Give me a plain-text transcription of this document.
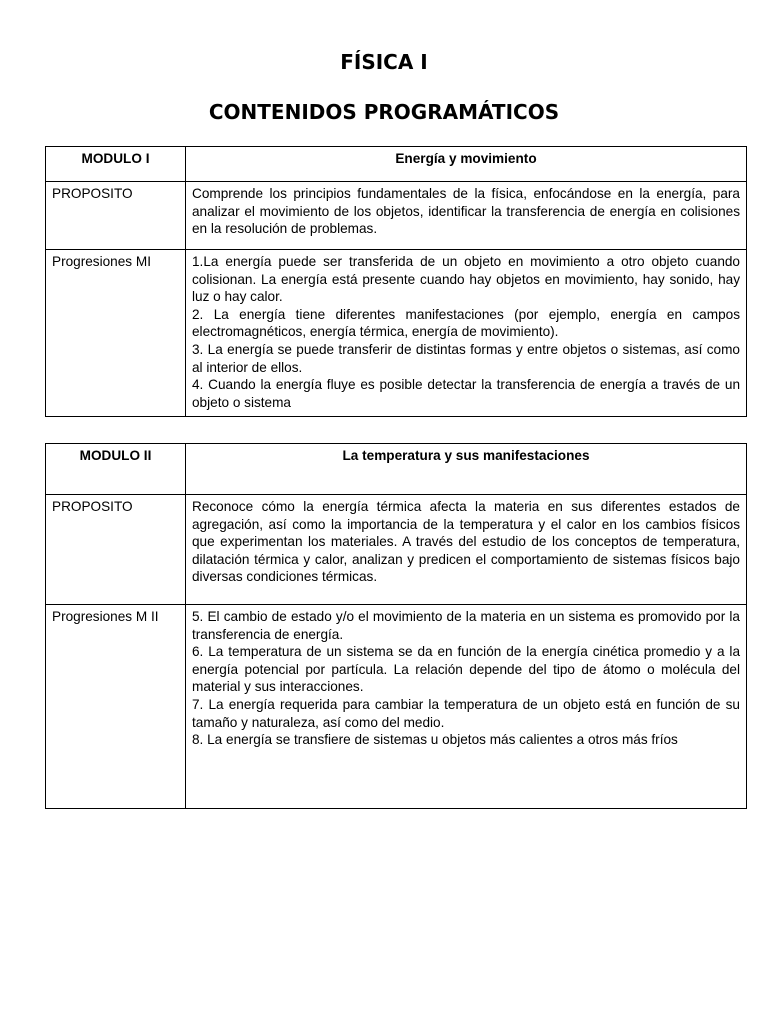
FÍSICA I
CONTENIDOS PROGRAMÁTICOS
MODULO I	Energía y movimiento
PROPOSITO	Comprende los principios fundamentales de la física, enfocándose en la energía, para analizar el movimiento de los objetos, identificar la transferencia de energía en colisiones en la resolución de problemas.
Progresiones MI	1.La energía puede ser transferida de un objeto en movimiento a otro objeto cuando colisionan. La energía está presente cuando hay objetos en movimiento, hay sonido, hay luz o hay calor.
2. La energía tiene diferentes manifestaciones (por ejemplo, energía en campos electromagnéticos, energía térmica, energía de movimiento).
3. La energía se puede transferir de distintas formas y entre objetos o sistemas, así como al interior de ellos.
4. Cuando la energía fluye es posible detectar la transferencia de energía a través de un objeto o sistema
MODULO II	La temperatura y sus manifestaciones
PROPOSITO	Reconoce cómo la energía térmica afecta la materia en sus diferentes estados de agregación, así como la importancia de la temperatura y el calor en los cambios físicos que experimentan los materiales. A través del estudio de los conceptos de temperatura, dilatación térmica y calor, analizan y predicen el comportamiento de sistemas físicos bajo diversas condiciones térmicas.
Progresiones M II	5. El cambio de estado y/o el movimiento de la materia en un sistema es promovido por la transferencia de energía.
6. La temperatura de un sistema se da en función de la energía cinética promedio y a la energía potencial por partícula. La relación depende del tipo de átomo o molécula del material y sus interacciones.
7. La energía requerida para cambiar la temperatura de un objeto está en función de su tamaño y naturaleza, así como del medio.
8. La energía se transfiere de sistemas u objetos más calientes a otros más fríos
